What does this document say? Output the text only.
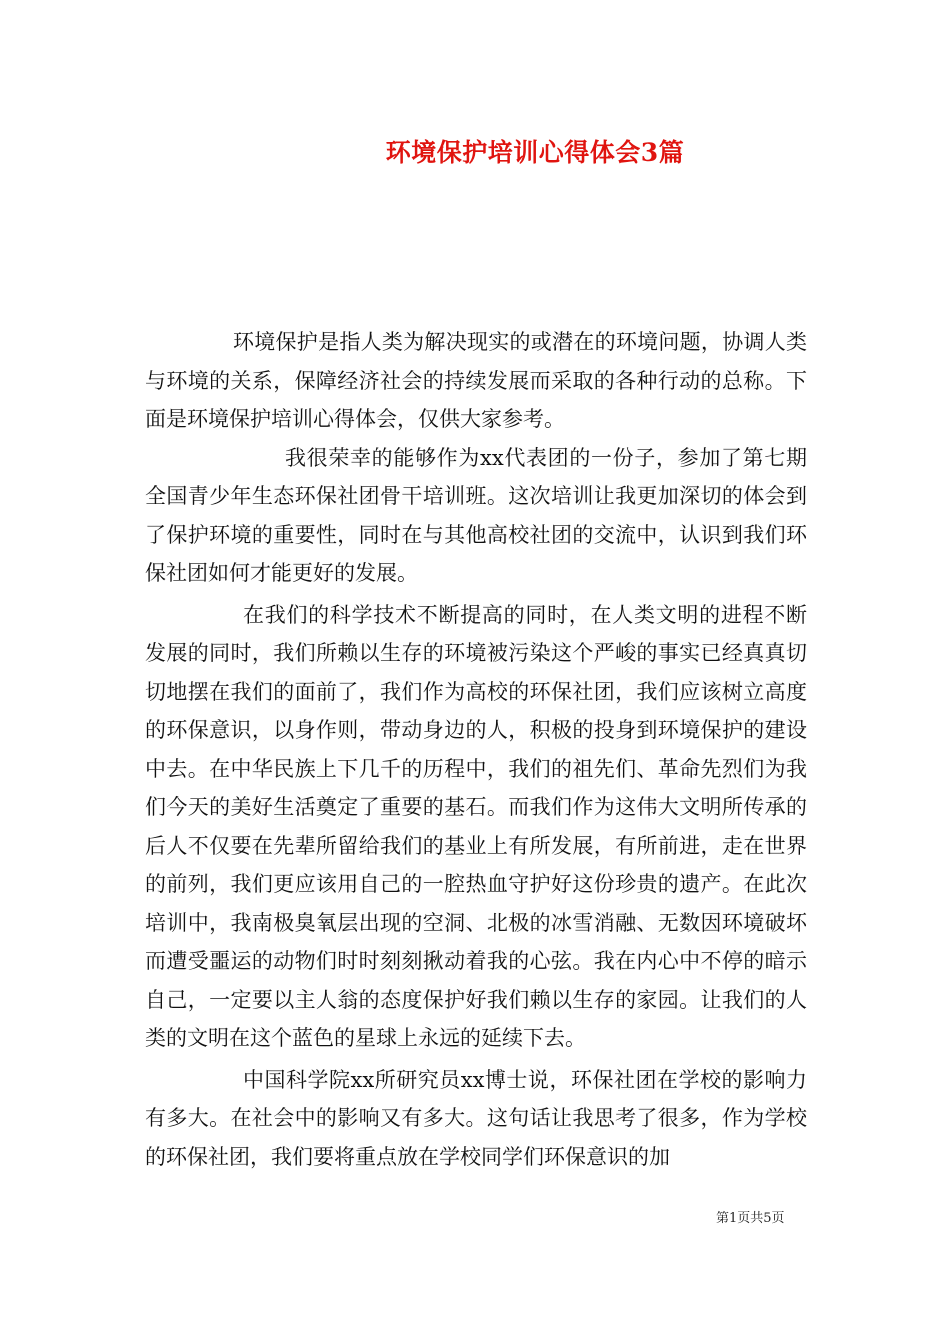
环境保护培训心得体会3篇

环境保护是指人类为解决现实的或潜在的环境问题，协调人类与环境的关系，保障经济社会的持续发展而采取的各种行动的总称。下面是环境保护培训心得体会，仅供大家参考。

我很荣幸的能够作为xx代表团的一份子，参加了第七期全国青少年生态环保社团骨干培训班。这次培训让我更加深切的体会到了保护环境的重要性，同时在与其他高校社团的交流中，认识到我们环保社团如何才能更好的发展。

在我们的科学技术不断提高的同时，在人类文明的进程不断发展的同时，我们所赖以生存的环境被污染这个严峻的事实已经真真切切地摆在我们的面前了，我们作为高校的环保社团，我们应该树立高度的环保意识，以身作则，带动身边的人，积极的投身到环境保护的建设中去。在中华民族上下几千的历程中，我们的祖先们、革命先烈们为我们今天的美好生活奠定了重要的基石。而我们作为这伟大文明所传承的后人不仅要在先辈所留给我们的基业上有所发展，有所前进，走在世界的前列，我们更应该用自己的一腔热血守护好这份珍贵的遗产。在此次培训中，我南极臭氧层出现的空洞、北极的冰雪消融、无数因环境破坏而遭受噩运的动物们时时刻刻揪动着我的心弦。我在内心中不停的暗示自己，一定要以主人翁的态度保护好我们赖以生存的家园。让我们的人类的文明在这个蓝色的星球上永远的延续下去。

中国科学院xx所研究员xx博士说，环保社团在学校的影响力有多大。在社会中的影响又有多大。这句话让我思考了很多，作为学校的环保社团，我们要将重点放在学校同学们环保意识的加

第1页共5页
